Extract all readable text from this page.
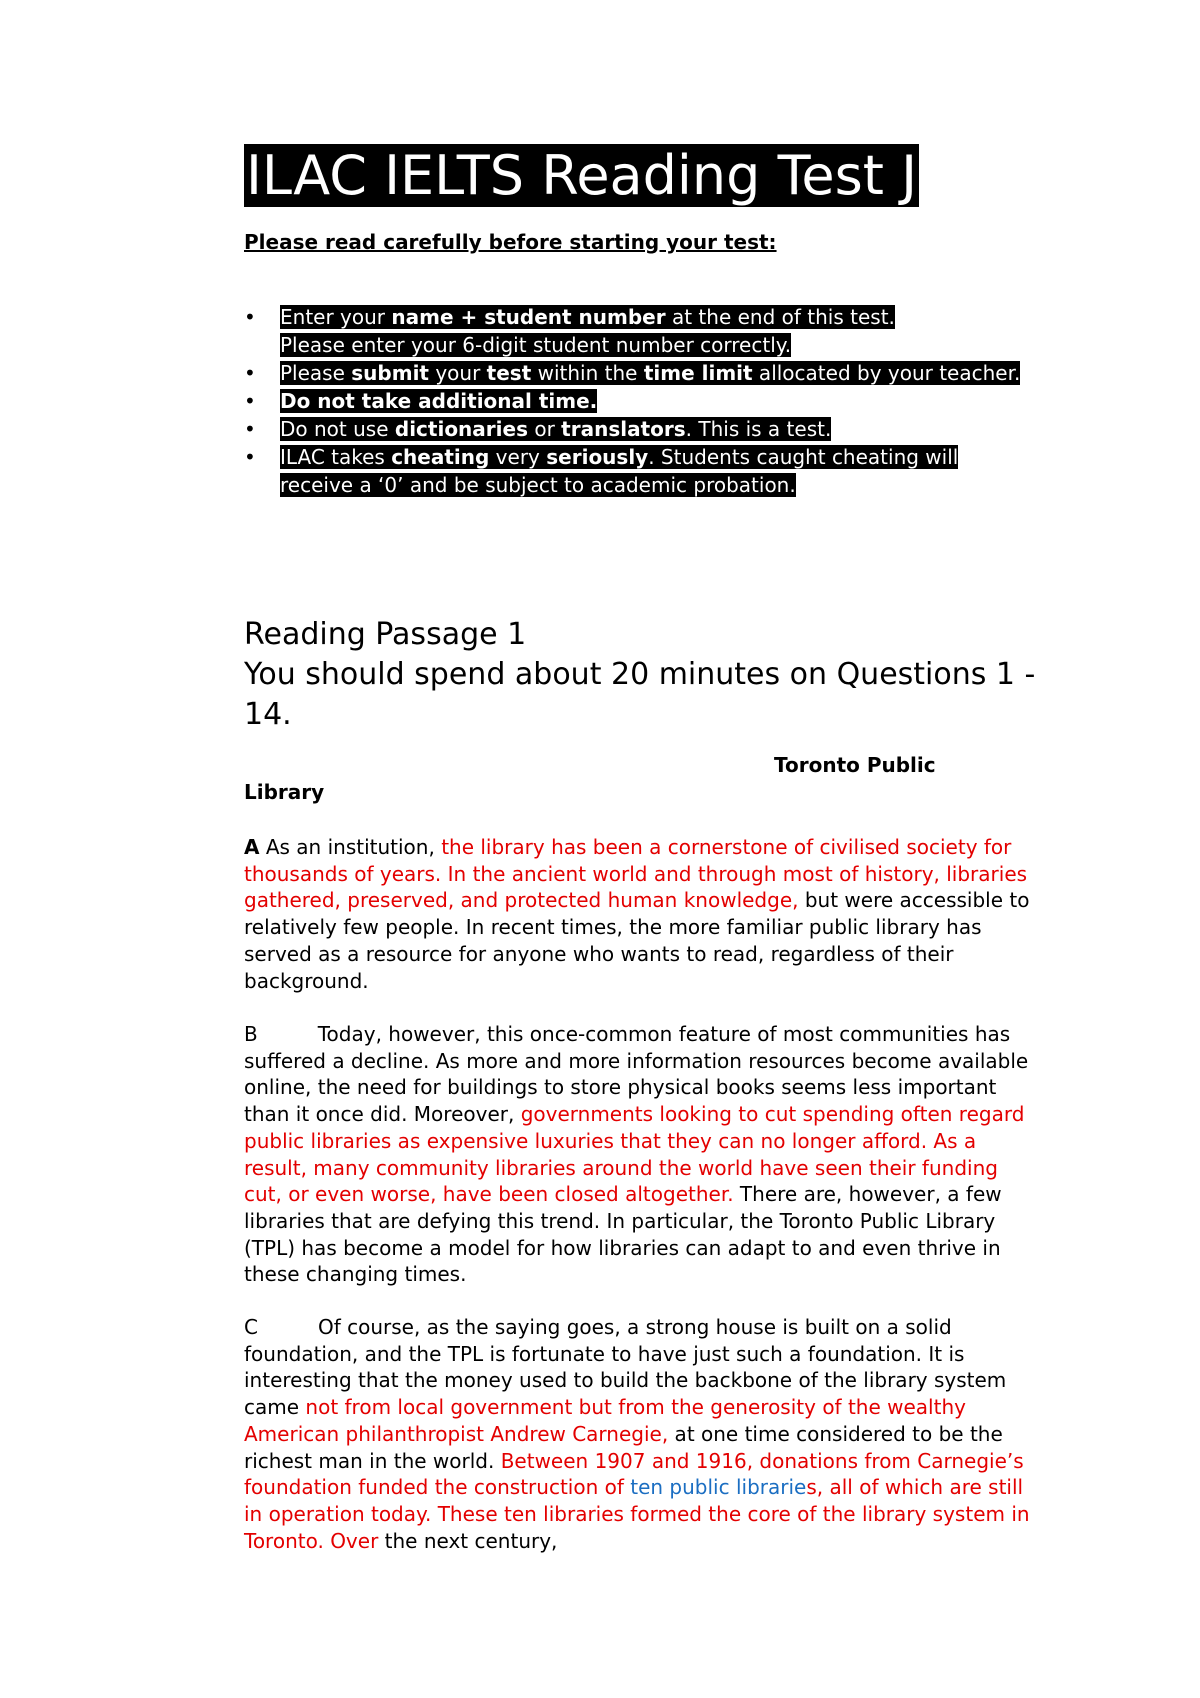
ILAC IELTS Reading Test J
Please read carefully before starting your test:
• Enter your name + student number at the end of this test.
Please enter your 6-digit student number correctly.
• Please submit your test within the time limit allocated by your teacher.
• Do not take additional time.
• Do not use dictionaries or translators. This is a test.
• ILAC takes cheating very seriously. Students caught cheating will receive a ‘0’ and be subject to academic probation.
Reading Passage 1
You should spend about 20 minutes on Questions 1 - 14.
Toronto Public
Library

A As an institution, the library has been a cornerstone of civilised society for thousands of years. In the ancient world and through most of history, libraries gathered, preserved, and protected human knowledge, but were accessible to relatively few people. In recent times, the more familiar public library has served as a resource for anyone who wants to read, regardless of their background.

B	Today, however, this once-common feature of most communities has suffered a decline. As more and more information resources become available online, the need for buildings to store physical books seems less important than it once did. Moreover, governments looking to cut spending often regard public libraries as expensive luxuries that they can no longer afford. As a result, many community libraries around the world have seen their funding cut, or even worse, have been closed altogether. There are, however, a few libraries that are defying this trend. In particular, the Toronto Public Library (TPL) has become a model for how libraries can adapt to and even thrive in these changing times.

C	Of course, as the saying goes, a strong house is built on a solid foundation, and the TPL is fortunate to have just such a foundation. It is interesting that the money used to build the backbone of the library system came not from local government but from the generosity of the wealthy American philanthropist Andrew Carnegie, at one time considered to be the richest man in the world. Between 1907 and 1916, donations from Carnegie’s foundation funded the construction of ten public libraries, all of which are still in operation today. These ten libraries formed the core of the library system in Toronto. Over the next century,
